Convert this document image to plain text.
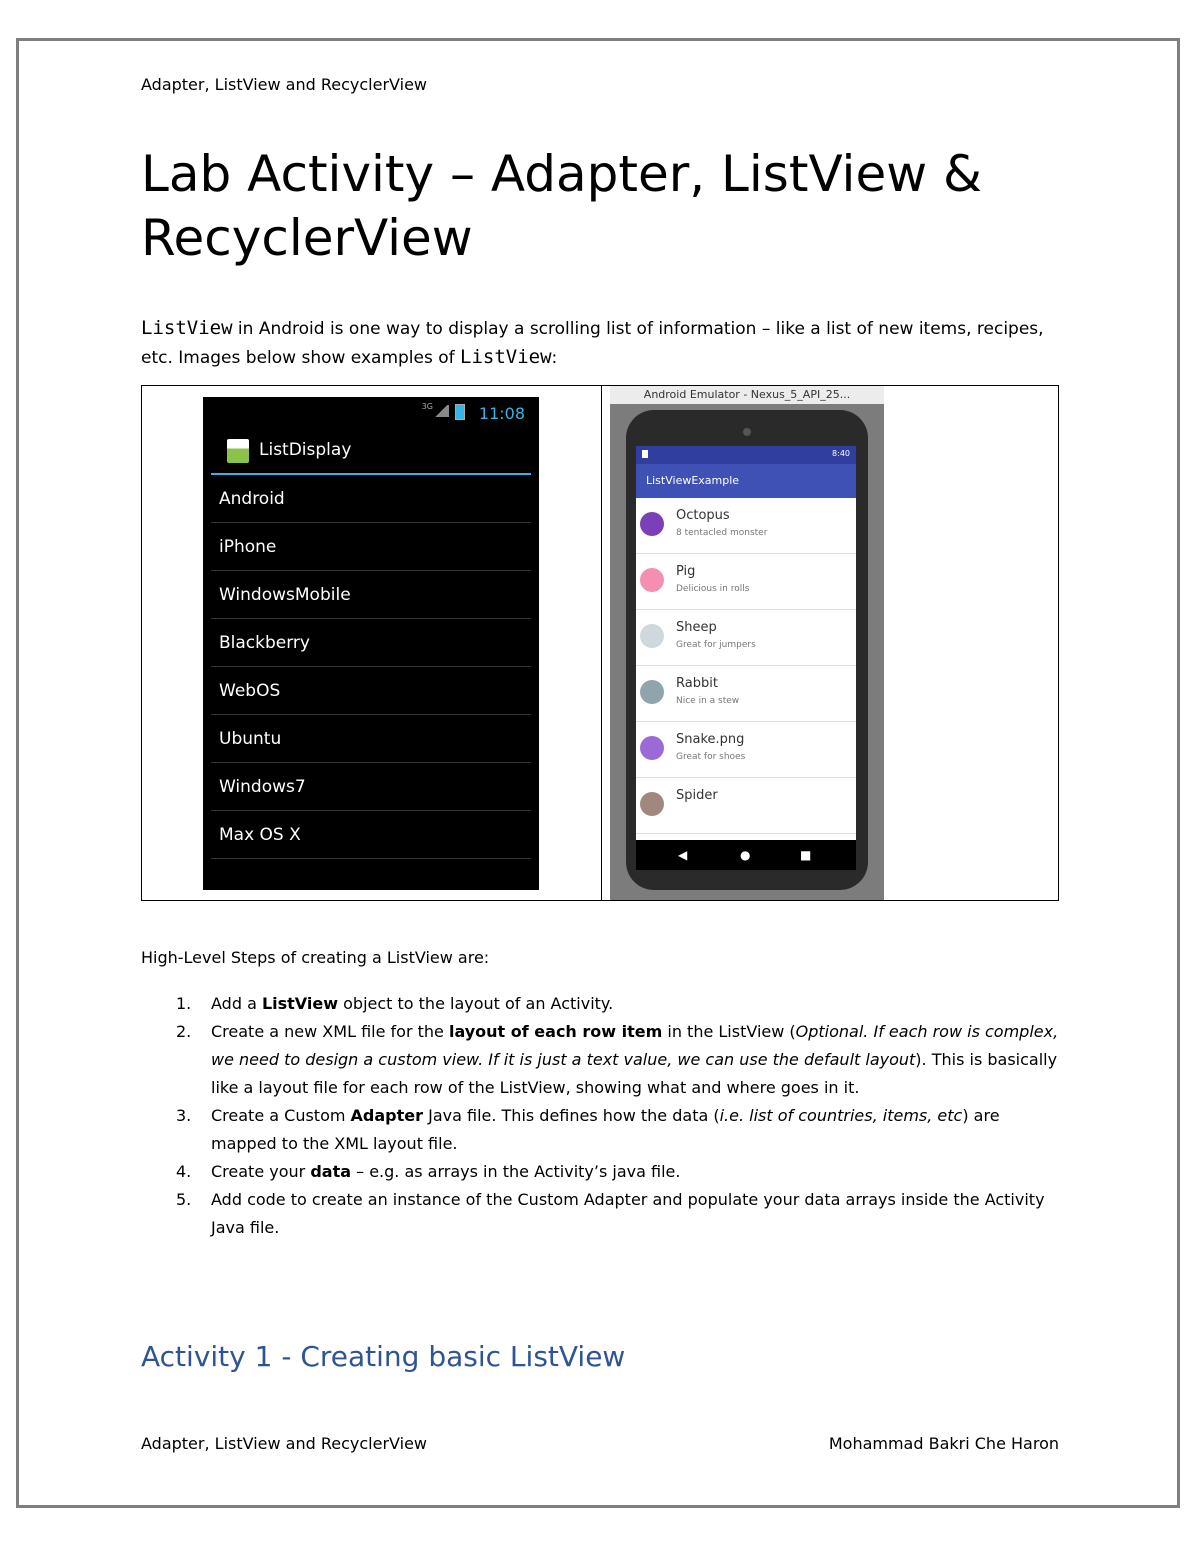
Adapter, ListView and RecyclerView
Lab Activity – Adapter, ListView & RecyclerView
ListView in Android is one way to display a scrolling list of information – like a list of new items, recipes, etc. Images below show examples of ListView:
3G	11:08
ListDisplay
Android
iPhone
WindowsMobile
Blackberry
WebOS
Ubuntu
Windows7
Max OS X
Android Emulator - Nexus_5_API_25...
8:40
ListViewExample
Octopus
8 tentacled monster
Pig
Delicious in rolls
Sheep
Great for jumpers
Rabbit
Nice in a stew
Snake.png
Great for shoes
Spider
◀	●	■
High-Level Steps of creating a ListView are:
1. Add a ListView object to the layout of an Activity.
2. Create a new XML file for the layout of each row item in the ListView (Optional. If each row is complex, we need to design a custom view. If it is just a text value, we can use the default layout). This is basically like a layout file for each row of the ListView, showing what and where goes in it.
3. Create a Custom Adapter Java file. This defines how the data (i.e. list of countries, items, etc) are mapped to the XML layout file.
4. Create your data – e.g. as arrays in the Activity’s java file.
5. Add code to create an instance of the Custom Adapter and populate your data arrays inside the Activity Java file.
Activity 1 - Creating basic ListView
Adapter, ListView and RecyclerView	Mohammad Bakri Che Haron
